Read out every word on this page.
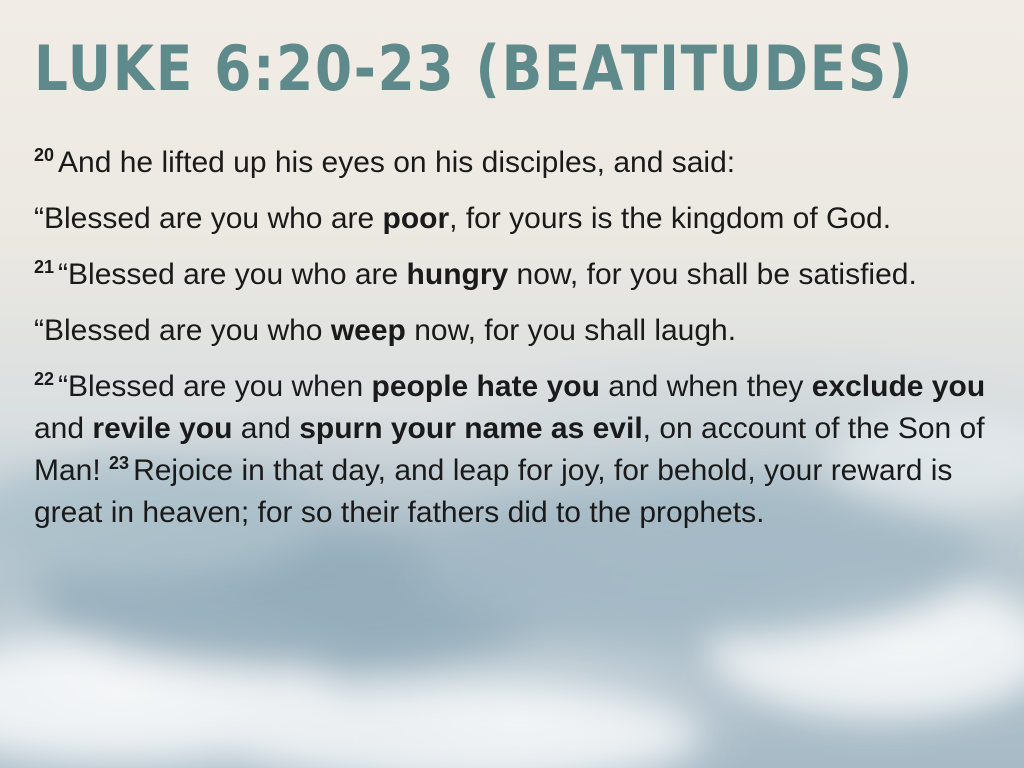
LUKE 6:20-23 (BEATITUDES)

$^{20}$ And he lifted up his eyes on his disciples, and said:

“Blessed are you who are poor, for yours is the kingdom of God.

$^{21}$ “Blessed are you who are hungry now, for you shall be satisfied.

“Blessed are you who weep now, for you shall laugh.

$^{22}$ “Blessed are you when people hate you and when they exclude you and revile you and spurn your name as evil, on account of the Son of Man! $^{23}$ Rejoice in that day, and leap for joy, for behold, your reward is great in heaven; for so their fathers did to the prophets.
